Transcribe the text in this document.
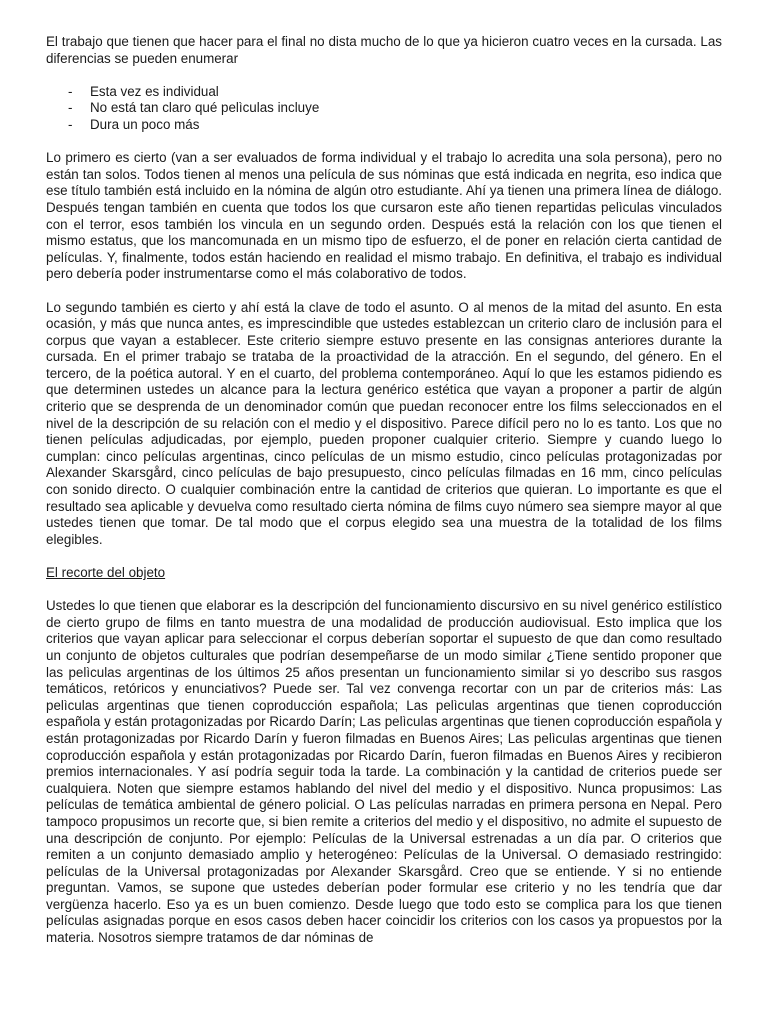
El trabajo que tienen que hacer para el final no dista mucho de lo que ya hicieron cuatro veces en la cursada. Las diferencias se pueden enumerar

- Esta vez es individual
- No está tan claro qué pelìculas incluye
- Dura un poco más

Lo primero es cierto (van a ser evaluados de forma individual y el trabajo lo acredita una sola persona), pero no están tan solos. Todos tienen al menos una película de sus nóminas que está indicada en negrita, eso indica que ese título también está incluido en la nómina de algún otro estudiante. Ahí ya tienen una primera línea de diálogo. Después tengan también en cuenta que todos los que cursaron este año tienen repartidas pelìculas vinculados con el terror, esos también los vincula en un segundo orden. Después está la relación con los que tienen el mismo estatus, que los mancomunada en un mismo tipo de esfuerzo, el de poner en relación cierta cantidad de películas. Y, finalmente, todos están haciendo en realidad el mismo trabajo. En definitiva, el trabajo es individual pero debería poder instrumentarse como el más colaborativo de todos.

Lo segundo también es cierto y ahí está la clave de todo el asunto. O al menos de la mitad del asunto. En esta ocasión, y más que nunca antes, es imprescindible que ustedes establezcan un criterio claro de inclusión para el corpus que vayan a establecer. Este criterio siempre estuvo presente en las consignas anteriores durante la cursada. En el primer trabajo se trataba de la proactividad de la atracción. En el segundo, del género. En el tercero, de la poética autoral. Y en el cuarto, del problema contemporáneo. Aquí lo que les estamos pidiendo es que determinen ustedes un alcance para la lectura genérico estética que vayan a proponer a partir de algún criterio que se desprenda de un denominador común que puedan reconocer entre los films seleccionados en el nivel de la descripción de su relación con el medio y el dispositivo. Parece difícil pero no lo es tanto. Los que no tienen películas adjudicadas, por ejemplo, pueden proponer cualquier criterio. Siempre y cuando luego lo cumplan: cinco películas argentinas, cinco películas de un mismo estudio, cinco películas protagonizadas por Alexander Skarsgård, cinco películas de bajo presupuesto, cinco películas filmadas en 16 mm, cinco películas con sonido directo. O cualquier combinación entre la cantidad de criterios que quieran. Lo importante es que el resultado sea aplicable y devuelva como resultado cierta nómina de films cuyo número sea siempre mayor al que ustedes tienen que tomar. De tal modo que el corpus elegido sea una muestra de la totalidad de los films elegibles.

El recorte del objeto

Ustedes lo que tienen que elaborar es la descripción del funcionamiento discursivo en su nivel genérico estilístico de cierto grupo de films en tanto muestra de una modalidad de producción audiovisual. Esto implica que los criterios que vayan aplicar para seleccionar el corpus deberían soportar el supuesto de que dan como resultado un conjunto de objetos culturales que podrían desempeñarse de un modo similar ¿Tiene sentido proponer que las pelìculas argentinas de los últimos 25 años presentan un funcionamiento similar si yo describo sus rasgos temáticos, retóricos y enunciativos? Puede ser. Tal vez convenga recortar con un par de criterios más: Las pelìculas argentinas que tienen coproducción española; Las pelìculas argentinas que tienen coproducción española y están protagonizadas por Ricardo Darín; Las pelìculas argentinas que tienen coproducción española y están protagonizadas por Ricardo Darín y fueron filmadas en Buenos Aires; Las pelìculas argentinas que tienen coproducción española y están protagonizadas por Ricardo Darín, fueron filmadas en Buenos Aires y recibieron premios internacionales. Y así podría seguir toda la tarde. La combinación y la cantidad de criterios puede ser cualquiera. Noten que siempre estamos hablando del nivel del medio y el dispositivo. Nunca propusimos: Las películas de temática ambiental de género policial. O Las películas narradas en primera persona en Nepal. Pero tampoco propusimos un recorte que, si bien remite a criterios del medio y el dispositivo, no admite el supuesto de una descripción de conjunto. Por ejemplo: Películas de la Universal estrenadas a un día par. O criterios que remiten a un conjunto demasiado amplio y heterogéneo: Películas de la Universal. O demasiado restringido: películas de la Universal protagonizadas por Alexander Skarsgård. Creo que se entiende. Y si no entiende preguntan. Vamos, se supone que ustedes deberían poder formular ese criterio y no les tendría que dar vergüenza hacerlo. Eso ya es un buen comienzo. Desde luego que todo esto se complica para los que tienen películas asignadas porque en esos casos deben hacer coincidir los criterios con los casos ya propuestos por la materia. Nosotros siempre tratamos de dar nóminas de
